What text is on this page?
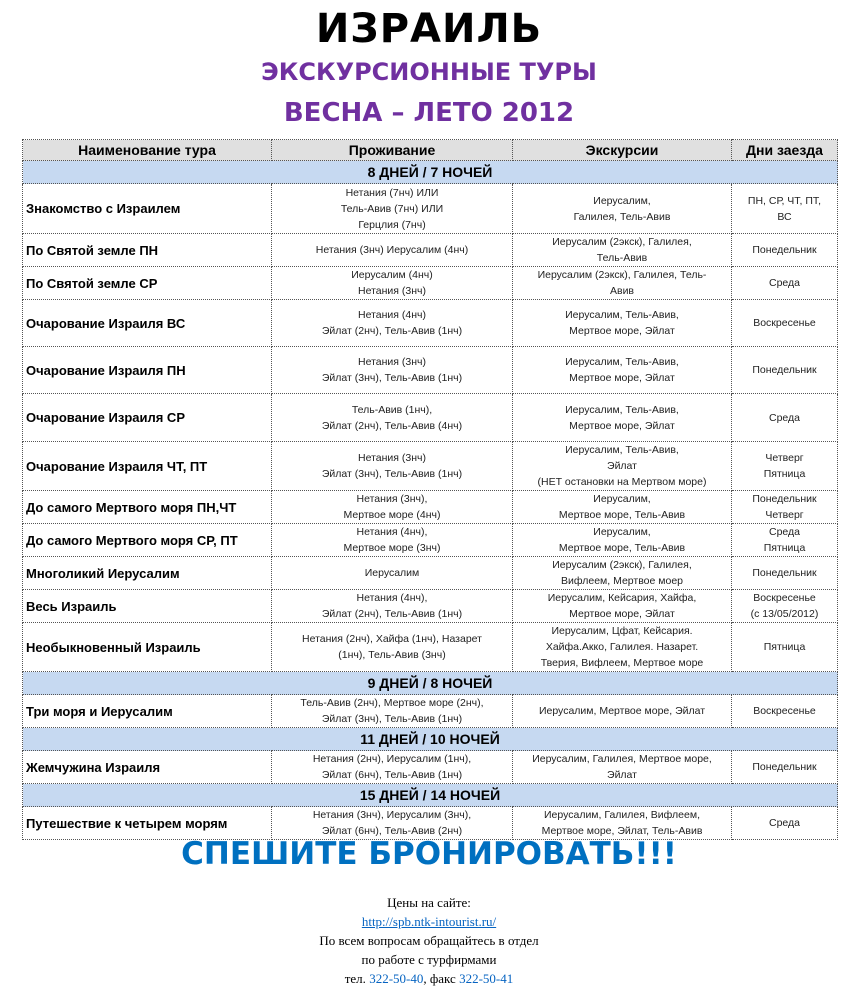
ИЗРАИЛЬ
ЭКСКУРСИОННЫЕ ТУРЫ
ВЕСНА – ЛЕТО 2012
Наименование тура	Проживание	Экскурсии	Дни заезда
8 ДНЕЙ / 7 НОЧЕЙ			
Знакомство с Израилем	Нетания (7нч) ИЛИ
Тель-Авив (7нч) ИЛИ
Герцлия (7нч)	Иерусалим,
Галилея, Тель-Авив	ПН, СР, ЧТ, ПТ,
ВС
По Святой земле ПН	Нетания (3нч) Иерусалим (4нч)	Иерусалим (2экск), Галилея,
Тель-Авив	Понедельник
По Святой земле СР	Иерусалим (4нч)
Нетания (3нч)	Иерусалим (2экск), Галилея, Тель-
Авив	Среда
Очарование Израиля ВС	Нетания (4нч)
Эйлат (2нч), Тель-Авив (1нч)	Иерусалим, Тель-Авив,
Мертвое море, Эйлат	Воскресенье
Очарование Израиля ПН	Нетания (3нч)
Эйлат (3нч), Тель-Авив (1нч)	Иерусалим, Тель-Авив,
Мертвое море, Эйлат	Понедельник
Очарование Израиля СР	Тель-Авив (1нч),
Эйлат (2нч), Тель-Авив (4нч)	Иерусалим, Тель-Авив,
Мертвое море, Эйлат	Среда
Очарование Израиля ЧТ, ПТ	Нетания (3нч)
Эйлат (3нч), Тель-Авив (1нч)	Иерусалим, Тель-Авив,
Эйлат
(НЕТ остановки на Мертвом море)	Четверг
Пятница
До самого Мертвого моря ПН,ЧТ	Нетания (3нч),
Мертвое море (4нч)	Иерусалим,
Мертвое море, Тель-Авив	Понедельник
Четверг
До самого Мертвого моря СР, ПТ	Нетания (4нч),
Мертвое море (3нч)	Иерусалим,
Мертвое море, Тель-Авив	Среда
Пятница
Многоликий Иерусалим	Иерусалим	Иерусалим (2экск), Галилея,
Вифлеем, Мертвое моер	Понедельник
Весь Израиль	Нетания (4нч),
Эйлат (2нч), Тель-Авив (1нч)	Иерусалим, Кейсария, Хайфа,
Мертвое море, Эйлат	Воскресенье
(с 13/05/2012)
Необыкновенный Израиль	Нетания (2нч), Хайфа (1нч), Назарет
(1нч), Тель-Авив (3нч)	Иерусалим, Цфат, Кейсария.
Хайфа.Акко, Галилея. Назарет.
Тверия, Вифлеем, Мертвое море	Пятница
9 ДНЕЙ / 8 НОЧЕЙ			
Три моря и Иерусалим	Тель-Авив (2нч), Мертвое море (2нч),
Эйлат (3нч), Тель-Авив (1нч)	Иерусалим, Мертвое море, Эйлат	Воскресенье
11 ДНЕЙ / 10 НОЧЕЙ			
Жемчужина Израиля	Нетания (2нч), Иерусалим (1нч),
Эйлат (6нч), Тель-Авив (1нч)	Иерусалим, Галилея, Мертвое море,
Эйлат	Понедельник
15 ДНЕЙ / 14 НОЧЕЙ			
Путешествие к четырем морям	Нетания (3нч), Иерусалим (3нч),
Эйлат (6нч), Тель-Авив (2нч)	Иерусалим, Галилея, Вифлеем,
Мертвое море, Эйлат, Тель-Авив	Среда
СПЕШИТЕ БРОНИРОВАТЬ!!!
Цены на сайте:
http://spb.ntk-intourist.ru/
По всем вопросам обращайтесь в отдел
по работе с турфирмами
тел. 322-50-40, факс 322-50-41
